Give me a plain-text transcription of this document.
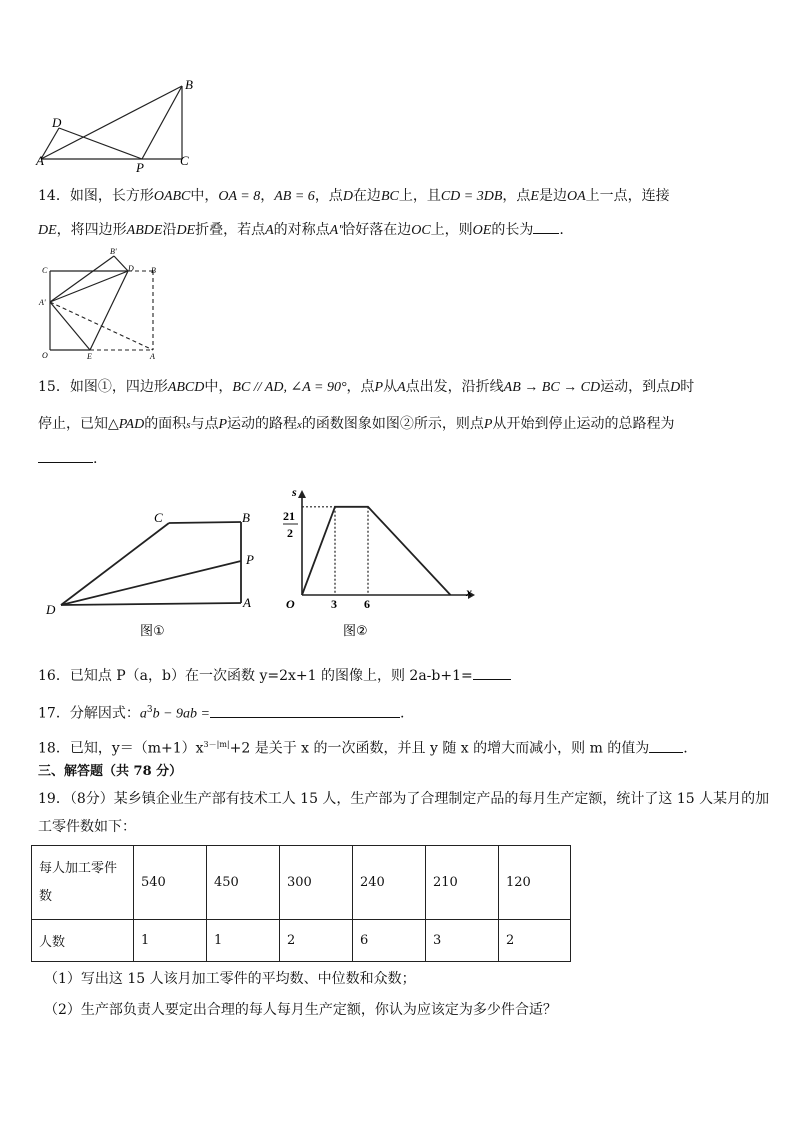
B
D
A	P	C
14．如图，长方形OABC中，OA = 8，AB = 6，点D在边BC上，且CD = 3DB，点E是边OA上一点，连接
DE，将四边形ABDE沿DE折叠，若点A的对称点A'恰好落在边OC上，则OE的长为 .
B'
C	D B
A'
O	E	A
15．如图①，四边形ABCD中，BC // AD, ∠A = 90°，点P从A点出发，沿折线AB → BC → CD运动，到点D时
停止，已知△PAD的面积s与点P运动的路程x的函数图象如图②所示，则点P从开始到停止运动的总路程为
.
C	B
P
D	A
图①
s
x
O
21
2
3 6
图②
16．已知点 P（a，b）在一次函数 y=2x+1 的图像上，则 2a-b+1=
17．分解因式：$a^3b - 9ab$ =	.
18．已知，$y=(m+1)x^{3-|m|}+2$ 是关于 x 的一次函数，并且 y 随 x 的增大而减小，则 m 的值为 .
三、解答题（共 78 分）
19．（8分）某乡镇企业生产部有技术工人 15 人，生产部为了合理制定产品的每月生产定额，统计了这 15 人某月的加
工零件数如下：
每人加工零件
数	540	450	300	240	210	120
人数	1	1	2	6	3	2
（1）写出这 15 人该月加工零件的平均数、中位数和众数；
（2）生产部负责人要定出合理的每人每月生产定额，你认为应该定为多少件合适？
